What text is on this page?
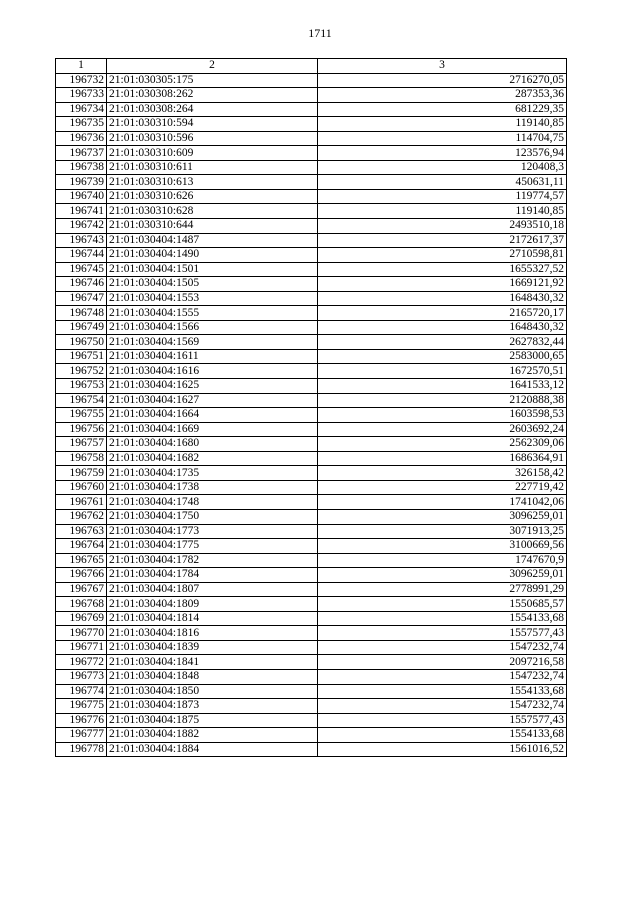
1711
1	2	3
196732	21:01:030305:175	2716270,05
196733	21:01:030308:262	287353,36
196734	21:01:030308:264	681229,35
196735	21:01:030310:594	119140,85
196736	21:01:030310:596	114704,75
196737	21:01:030310:609	123576,94
196738	21:01:030310:611	120408,3
196739	21:01:030310:613	450631,11
196740	21:01:030310:626	119774,57
196741	21:01:030310:628	119140,85
196742	21:01:030310:644	2493510,18
196743	21:01:030404:1487	2172617,37
196744	21:01:030404:1490	2710598,81
196745	21:01:030404:1501	1655327,52
196746	21:01:030404:1505	1669121,92
196747	21:01:030404:1553	1648430,32
196748	21:01:030404:1555	2165720,17
196749	21:01:030404:1566	1648430,32
196750	21:01:030404:1569	2627832,44
196751	21:01:030404:1611	2583000,65
196752	21:01:030404:1616	1672570,51
196753	21:01:030404:1625	1641533,12
196754	21:01:030404:1627	2120888,38
196755	21:01:030404:1664	1603598,53
196756	21:01:030404:1669	2603692,24
196757	21:01:030404:1680	2562309,06
196758	21:01:030404:1682	1686364,91
196759	21:01:030404:1735	326158,42
196760	21:01:030404:1738	227719,42
196761	21:01:030404:1748	1741042,06
196762	21:01:030404:1750	3096259,01
196763	21:01:030404:1773	3071913,25
196764	21:01:030404:1775	3100669,56
196765	21:01:030404:1782	1747670,9
196766	21:01:030404:1784	3096259,01
196767	21:01:030404:1807	2778991,29
196768	21:01:030404:1809	1550685,57
196769	21:01:030404:1814	1554133,68
196770	21:01:030404:1816	1557577,43
196771	21:01:030404:1839	1547232,74
196772	21:01:030404:1841	2097216,58
196773	21:01:030404:1848	1547232,74
196774	21:01:030404:1850	1554133,68
196775	21:01:030404:1873	1547232,74
196776	21:01:030404:1875	1557577,43
196777	21:01:030404:1882	1554133,68
196778	21:01:030404:1884	1561016,52
